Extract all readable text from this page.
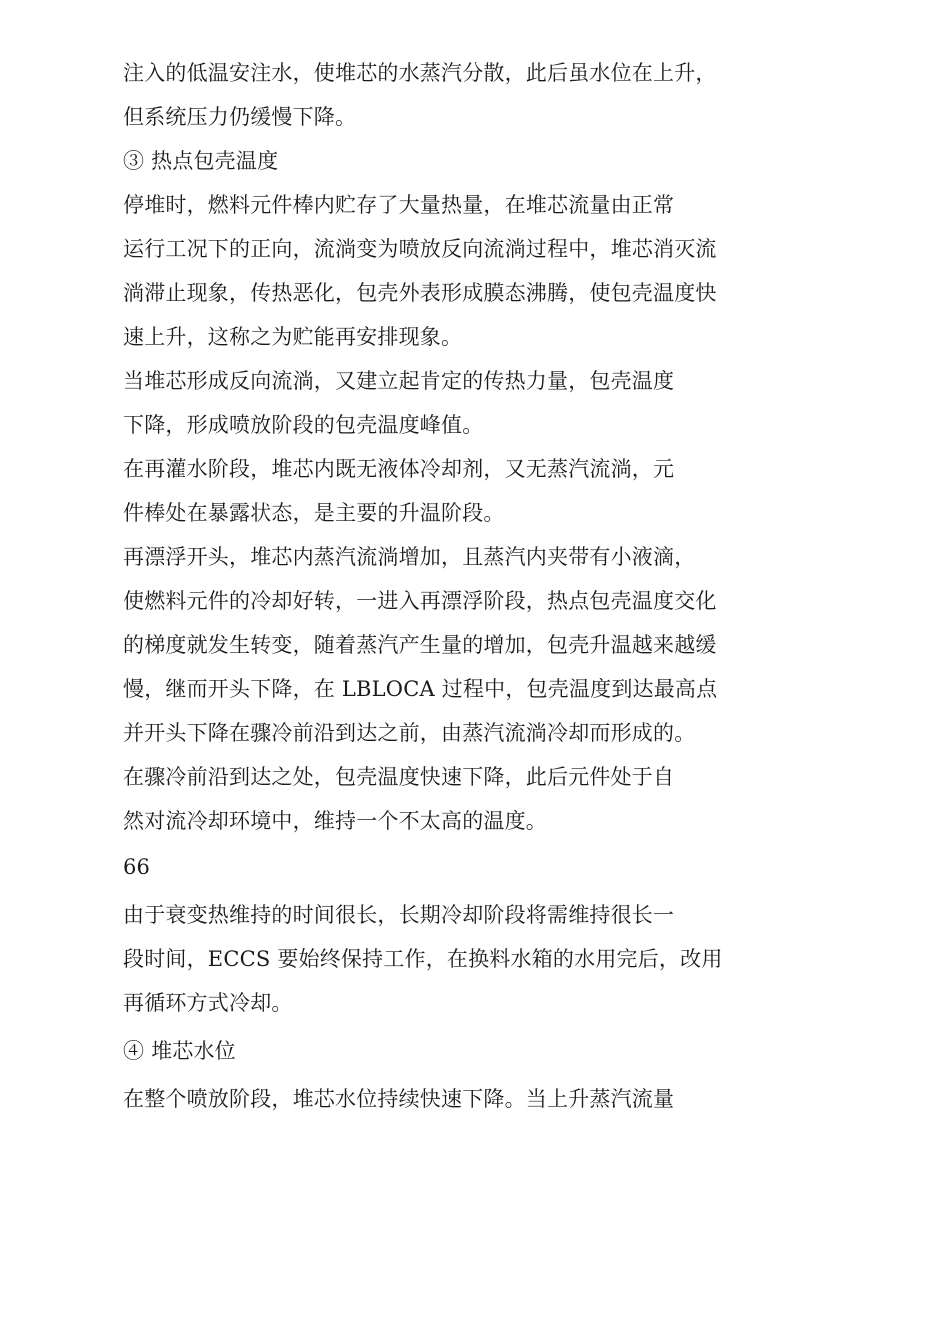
注入的低温安注水，使堆芯的水蒸汽分散，此后虽水位在上升，

但系统压力仍缓慢下降。

③ 热点包壳温度

停堆时，燃料元件棒内贮存了大量热量，在堆芯流量由正常

运行工况下的正向，流淌变为喷放反向流淌过程中，堆芯消灭流

淌滞止现象，传热恶化，包壳外表形成膜态沸腾，使包壳温度快

速上升，这称之为贮能再安排现象。

当堆芯形成反向流淌，又建立起肯定的传热力量，包壳温度

下降，形成喷放阶段的包壳温度峰值。

在再灌水阶段，堆芯内既无液体冷却剂，又无蒸汽流淌，元

件棒处在暴露状态，是主要的升温阶段。

再漂浮开头，堆芯内蒸汽流淌增加，且蒸汽内夹带有小液滴，

使燃料元件的冷却好转，一进入再漂浮阶段，热点包壳温度交化

的梯度就发生转变，随着蒸汽产生量的增加，包壳升温越来越缓

慢，继而开头下降，在 LBLOCA 过程中，包壳温度到达最高点

并开头下降在骤冷前沿到达之前，由蒸汽流淌冷却而形成的。

在骤冷前沿到达之处，包壳温度快速下降，此后元件处于自

然对流冷却环境中，维持一个不太高的温度。

66

由于衰变热维持的时间很长，长期冷却阶段将需维持很长一

段时间，ECCS 要始终保持工作，在换料水箱的水用完后，改用

再循环方式冷却。

④ 堆芯水位

在整个喷放阶段，堆芯水位持续快速下降。当上升蒸汽流量
